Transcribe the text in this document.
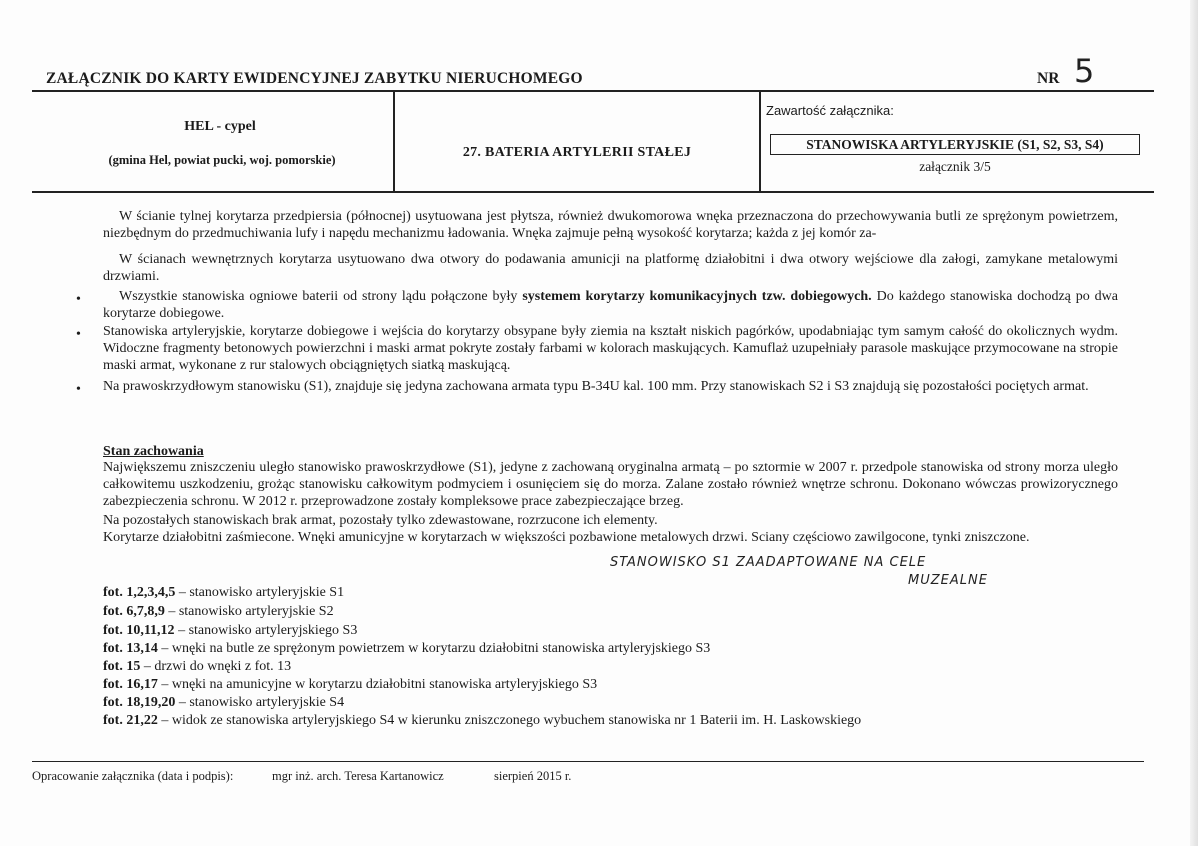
ZAŁĄCZNIK DO KARTY EWIDENCYJNEJ ZABYTKU NIERUCHOMEGO	NR 5
HEL - cypel
(gmina Hel, powiat pucki, woj. pomorskie)	27. BATERIA ARTYLERII STAŁEJ
Zawartość załącznika:
STANOWISKA ARTYLERYJSKIE (S1, S2, S3, S4)
załącznik 3/5

W ścianie tylnej korytarza przedpiersia (północnej) usytuowana jest płytsza, również dwukomorowa wnęka przeznaczona do przechowywania butli ze sprężonym powietrzem, niezbędnym do przedmuchiwania lufy i napędu mechanizmu ładowania. Wnęka zajmuje pełną wysokość korytarza; każda z jej komór za-

W ścianach wewnętrznych korytarza usytuowano dwa otwory do podawania amunicji na platformę działobitni i dwa otwory wejściowe dla załogi, zamykane metalowymi drzwiami.
•	Wszystkie stanowiska ogniowe baterii od strony lądu połączone były systemem korytarzy komunikacyjnych tzw. dobiegowych. Do każdego stanowiska dochodzą po dwa korytarze dobiegowe.
• Stanowiska artyleryjskie, korytarze dobiegowe i wejścia do korytarzy obsypane były ziemia na kształt niskich pagórków, upodabniając tym samym całość do okolicznych wydm. Widoczne fragmenty betonowych powierzchni i maski armat pokryte zostały farbami w kolorach maskujących. Kamuflaż uzupełniały parasole maskujące przymocowane na stropie maski armat, wykonane z rur stalowych obciągniętych siatką maskującą.
• Na prawoskrzydłowym stanowisku (S1), znajduje się jedyna zachowana armata typu B-34U kal. 100 mm. Przy stanowiskach S2 i S3 znajdują się pozostałości pociętych armat.
Stan zachowania
Największemu zniszczeniu uległo stanowisko prawoskrzydłowe (S1), jedyne z zachowaną oryginalna armatą – po sztormie w 2007 r. przedpole stanowiska od strony morza uległo całkowitemu uszkodzeniu, grożąc stanowisku całkowitym podmyciem i osunięciem się do morza. Zalane zostało również wnętrze schronu. Dokonano wówczas prowizorycznego zabezpieczenia schronu. W 2012 r. przeprowadzone zostały kompleksowe prace zabezpieczające brzeg.
Na pozostałych stanowiskach brak armat, pozostały tylko zdewastowane, rozrzucone ich elementy.
Korytarze działobitni zaśmiecone. Wnęki amunicyjne w korytarzach w większości pozbawione metalowych drzwi. Sciany częściowo zawilgocone, tynki zniszczone.
STANOWISKO S1 ZAADAPTOWANE NA CELE
MUZEALNE
fot. 1,2,3,4,5 – stanowisko artyleryjskie S1
fot. 6,7,8,9 – stanowisko artyleryjskie S2
fot. 10,11,12 – stanowisko artyleryjskiego S3
fot. 13,14 – wnęki na butle ze sprężonym powietrzem w korytarzu działobitni stanowiska artyleryjskiego S3
fot. 15 – drzwi do wnęki z fot. 13
fot. 16,17 – wnęki na amunicyjne w korytarzu działobitni stanowiska artyleryjskiego S3
fot. 18,19,20 – stanowisko artyleryjskie S4
fot. 21,22 – widok ze stanowiska artyleryjskiego S4 w kierunku zniszczonego wybuchem stanowiska nr 1 Baterii im. H. Laskowskiego
Opracowanie załącznika (data i podpis):	mgr inż. arch. Teresa Kartanowicz	sierpień 2015 r.
